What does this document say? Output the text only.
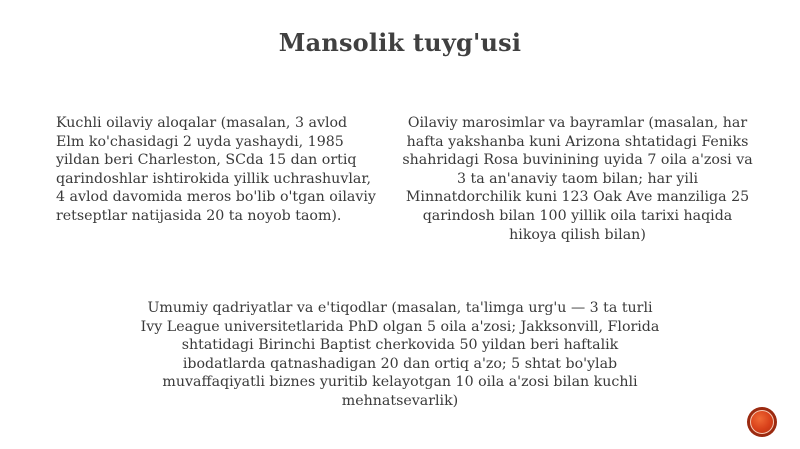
Mansolik tuyg'usi
Kuchli oilaviy aloqalar (masalan, 3 avlod
Elm ko'chasidagi 2 uyda yashaydi, 1985
yildan beri Charleston, SCda 15 dan ortiq
qarindoshlar ishtirokida yillik uchrashuvlar,
4 avlod davomida meros bo'lib o'tgan oilaviy
retseptlar natijasida 20 ta noyob taom).
Oilaviy marosimlar va bayramlar (masalan, har
hafta yakshanba kuni Arizona shtatidagi Feniks
shahridagi Rosa buvinining uyida 7 oila a'zosi va
3 ta an'anaviy taom bilan; har yili
Minnatdorchilik kuni 123 Oak Ave manziliga 25
qarindosh bilan 100 yillik oila tarixi haqida
hikoya qilish bilan)
Umumiy qadriyatlar va e'tiqodlar (masalan, ta'limga urg'u — 3 ta turli
Ivy League universitetlarida PhD olgan 5 oila a'zosi; Jakksonvill, Florida
shtatidagi Birinchi Baptist cherkovida 50 yildan beri haftalik
ibodatlarda qatnashadigan 20 dan ortiq a'zo; 5 shtat bo'ylab
muvaffaqiyatli biznes yuritib kelayotgan 10 oila a'zosi bilan kuchli
mehnatsevarlik)
